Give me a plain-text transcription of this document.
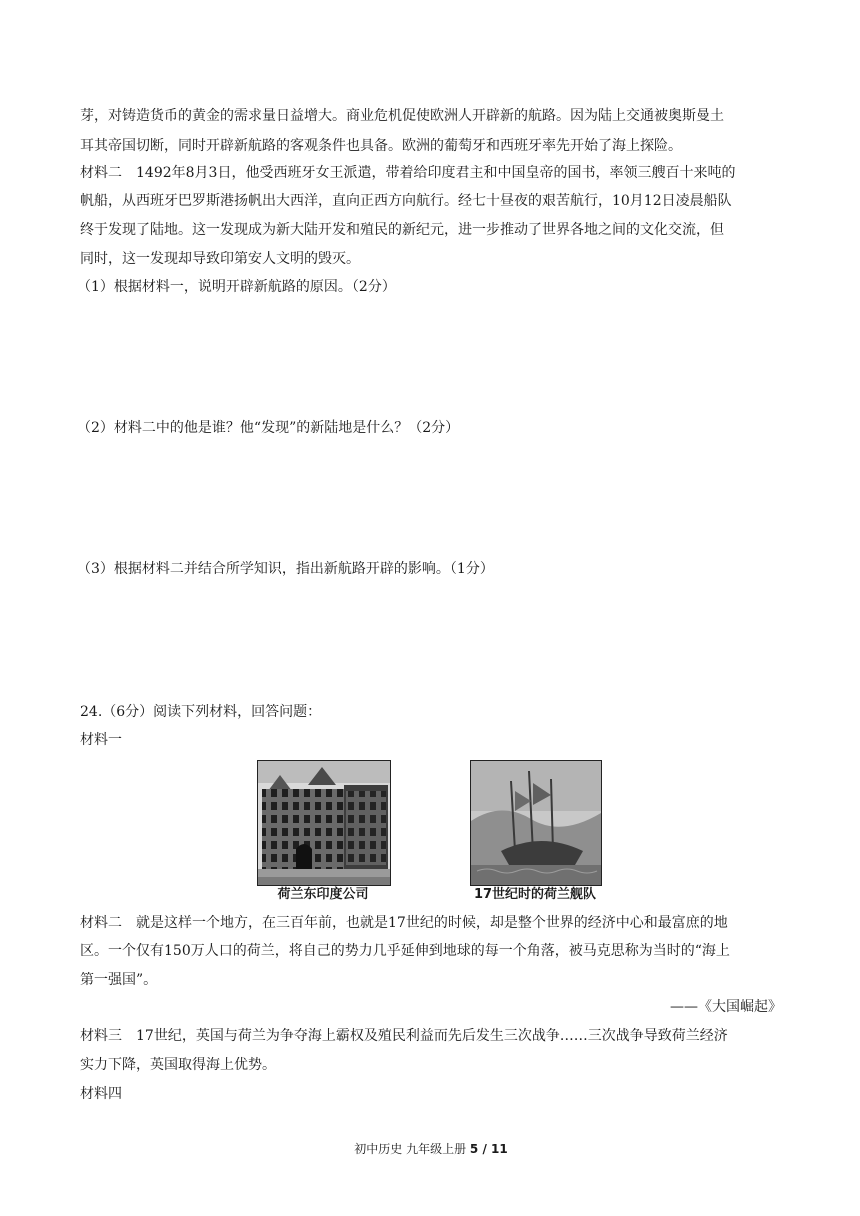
芽，对铸造货币的黄金的需求量日益增大。商业危机促使欧洲人开辟新的航路。因为陆上交通被奥斯曼土
耳其帝国切断，同时开辟新航路的客观条件也具备。欧洲的葡萄牙和西班牙率先开始了海上探险。
材料二　1492年8月3日，他受西班牙女王派遣，带着给印度君主和中国皇帝的国书，率领三艘百十来吨的
帆船，从西班牙巴罗斯港扬帆出大西洋，直向正西方向航行。经七十昼夜的艰苦航行，10月12日凌晨船队
终于发现了陆地。这一发现成为新大陆开发和殖民的新纪元，进一步推动了世界各地之间的文化交流，但
同时，这一发现却导致印第安人文明的毁灭。
（1）根据材料一，说明开辟新航路的原因。（2分）
（2）材料二中的他是谁？他“发现”的新陆地是什么？（2分）
（3）根据材料二并结合所学知识，指出新航路开辟的影响。（1分）
24.（6分）阅读下列材料，回答问题：
材料一
荷兰东印度公司	17世纪时的荷兰舰队
材料二　就是这样一个地方，在三百年前，也就是17世纪的时候，却是整个世界的经济中心和最富庶的地
区。一个仅有150万人口的荷兰，将自己的势力几乎延伸到地球的每一个角落，被马克思称为当时的“海上
第一强国”。
——《大国崛起》
材料三　17世纪，英国与荷兰为争夺海上霸权及殖民利益而先后发生三次战争……三次战争导致荷兰经济
实力下降，英国取得海上优势。
材料四
初中历史 九年级上册 5 / 11
